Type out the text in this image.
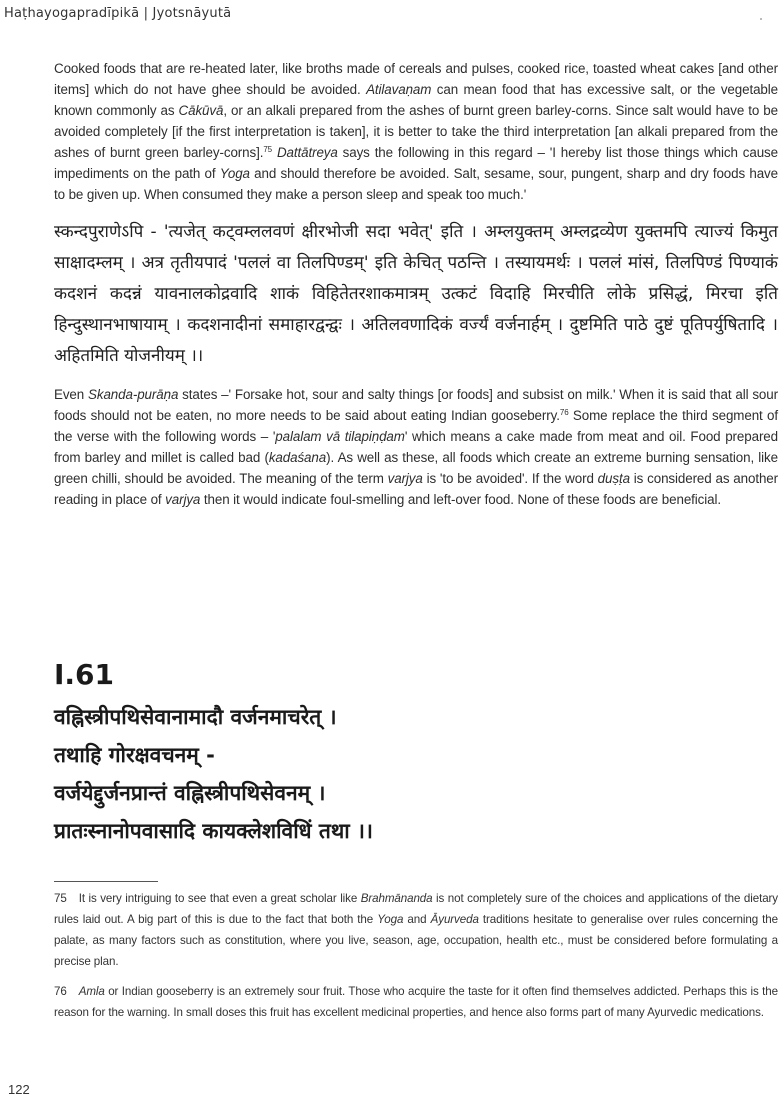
Haṭhayogapradīpikā | Jyotsnāyutā

Cooked foods that are re-heated later, like broths made of cereals and pulses, cooked rice, toasted wheat cakes [and other items] which do not have ghee should be avoided. Atilavaṇam can mean food that has excessive salt, or the vegetable known commonly as Cākūvā, or an alkali prepared from the ashes of burnt green barley-corns. Since salt would have to be avoided completely [if the first interpretation is taken], it is better to take the third interpretation [an alkali prepared from the ashes of burnt green barley-corns].$^{75}$ Dattātreya says the following in this regard – 'I hereby list those things which cause impediments on the path of Yoga and should therefore be avoided. Salt, sesame, sour, pungent, sharp and dry foods have to be given up. When consumed they make a person sleep and speak too much.'

स्कन्दपुराणेऽपि - 'त्यजेत् कट्वम्ललवणं क्षीरभोजी सदा भवेत्' इति । अम्लयुक्तम् अम्लद्रव्येण युक्तमपि त्याज्यं किमुत साक्षादम्लम् । अत्र तृतीयपादं 'पललं वा तिलपिण्डम्' इति केचित् पठन्ति । तस्यायमर्थः । पललं मांसं, तिलपिण्डं पिण्याकं कदशनं कदन्नं यावनालकोद्रवादि शाकं विहितेतरशाकमात्रम् उत्कटं विदाहि मिरचीति लोके प्रसिद्धं, मिरचा इति हिन्दुस्थानभाषायाम् । कदशनादीनां समाहारद्वन्द्वः । अतिलवणादिकं वर्ज्यं वर्जनार्हम् । दुष्टमिति पाठे दुष्टं पूतिपर्युषितादि । अहितमिति योजनीयम् ।।

Even Skanda-purāṇa states –' Forsake hot, sour and salty things [or foods] and subsist on milk.' When it is said that all sour foods should not be eaten, no more needs to be said about eating Indian gooseberry.$^{76}$ Some replace the third segment of the verse with the following words – 'palalam vā tilapiṇḍam' which means a cake made from meat and oil. Food prepared from barley and millet is called bad (kadaśana). As well as these, all foods which create an extreme burning sensation, like green chilli, should be avoided. The meaning of the term varjya is 'to be avoided'. If the word duṣṭa is considered as another reading in place of varjya then it would indicate foul-smelling and left-over food. None of these foods are beneficial.

I.61

वह्निस्त्रीपथिसेवानामादौ वर्जनमाचरेत् ।

तथाहि गोरक्षवचनम् -

वर्जयेद्दुर्जनप्रान्तं वह्निस्त्रीपथिसेवनम् ।

प्रातःस्नानोपवासादि कायक्लेशविधिं तथा ।।

75 It is very intriguing to see that even a great scholar like Brahmānanda is not completely sure of the choices and applications of the dietary rules laid out. A big part of this is due to the fact that both the Yoga and Āyurveda traditions hesitate to generalise over rules concerning the palate, as many factors such as constitution, where you live, season, age, occupation, health etc., must be considered before formulating a precise plan.

76 Amla or Indian gooseberry is an extremely sour fruit. Those who acquire the taste for it often find themselves addicted. Perhaps this is the reason for the warning. In small doses this fruit has excellent medicinal properties, and hence also forms part of many Ayurvedic medications.

122
